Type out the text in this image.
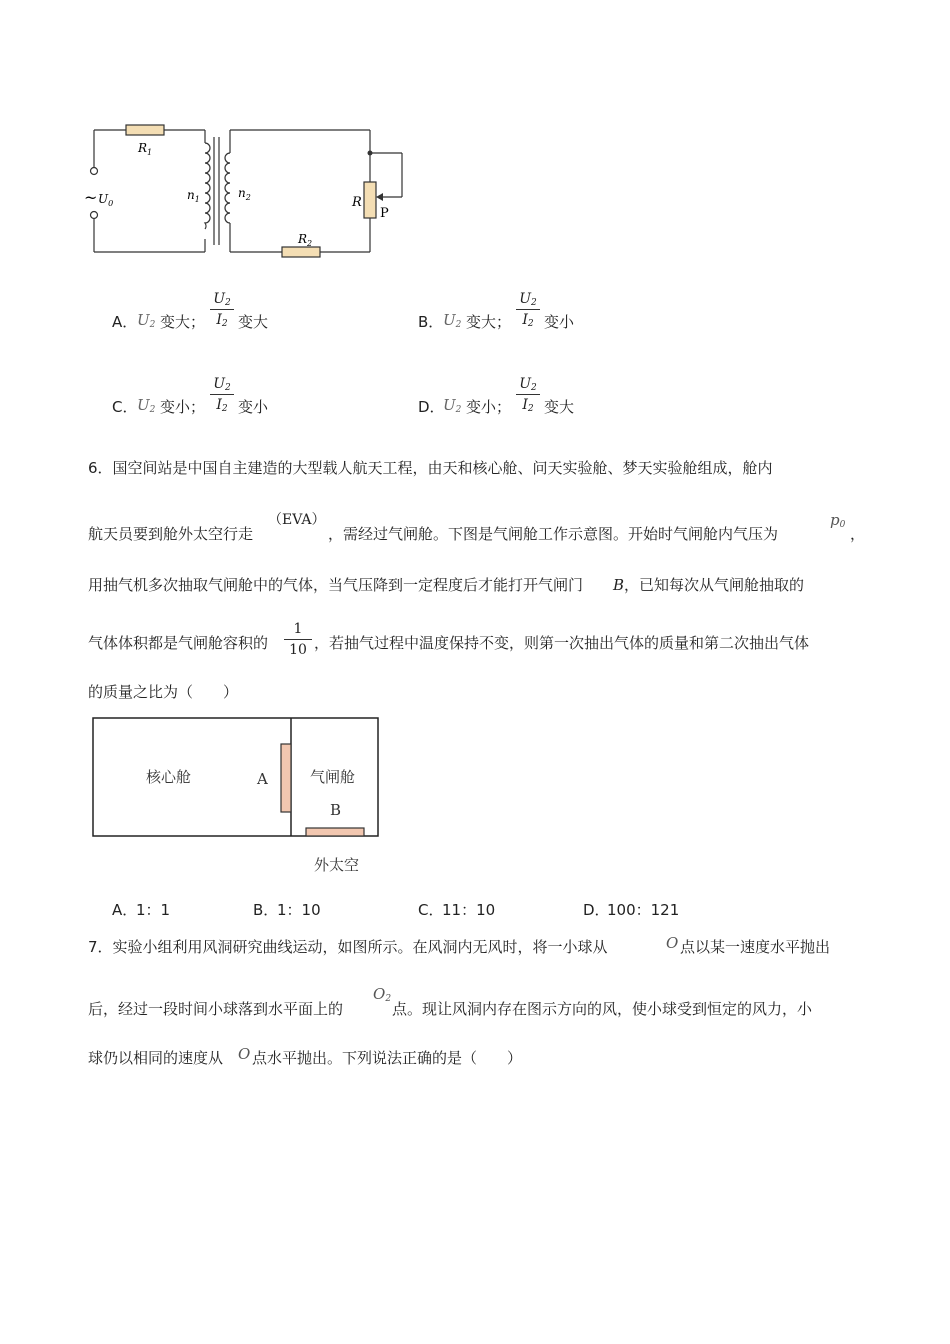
$R_1$
~ $U_0$
$n_1$	$n_2$	R
P
$R_2$
A． $U_2$ 变大；
$U_2$
$I_2$ 变大	B． $U_2$ 变大；
$U_2$
$I_2$ 变小
C． $U_2$ 变小；
$U_2$
$I_2$ 变小	D．
$U_2$ 变小；
$U_2$
$I_2$ 变大
6．国空间站是中国自主建造的大型载人航天工程，由天和核心舱、问天实验舱、梦天实验舱组成，舱内
航天员要到舱外太空行走
（EVA）
，需经过气闸舱。下图是气闸舱工作示意图。开始时气闸舱内气压为
$p_0$ ，
用抽气机多次抽取气闸舱中的气体，当气压降到一定程度后才能打开气闸门 B ，已知每次从气闸舱抽取的
气体体积都是气闸舱容积的
1
10 ，若抽气过程中温度保持不变，则第一次抽出气体的质量和第二次抽出气体
的质量之比为（　　）
核心舱	A	气闸舱
B
外太空
A．
1：1	B．
1：10	C．
11：10	D．
100：121
7．实验小组利用风洞研究曲线运动，如图所示。在风洞内无风时，将一小球从	O 点以某一速度水平抛出
后，经过一段时间小球落到水平面上的
$O_2$
点。现让风洞内存在图示方向的风，使小球受到恒定的风力，小
球仍以相同的速度从 O 点水平抛出。下列说法正确的是（　　）
